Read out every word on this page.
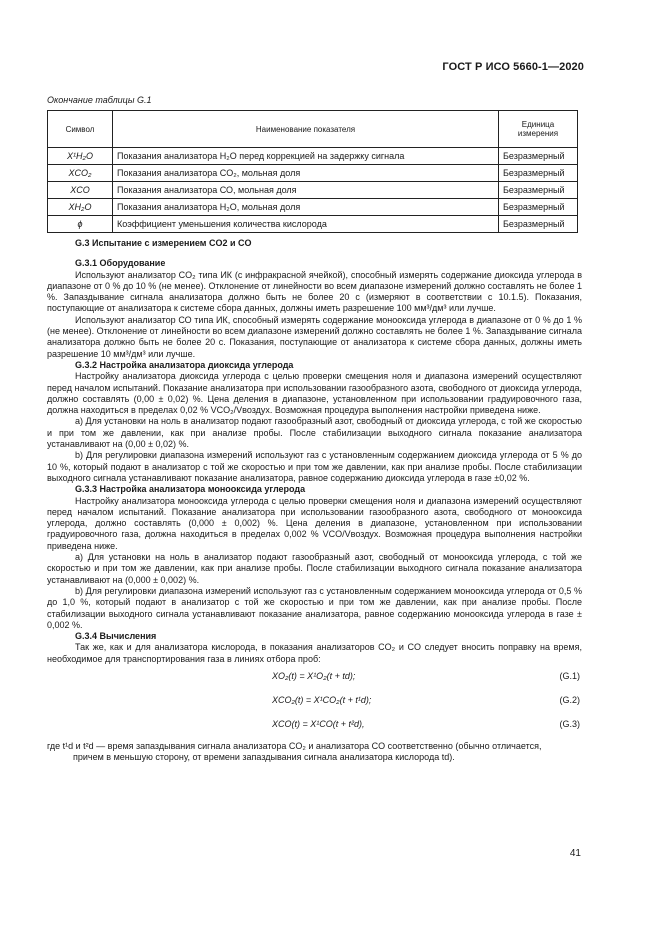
ГОСТ Р ИСО 5660-1—2020
Окончание таблицы G.1
Символ	Наименование показателя	Единица измерения
X¹H₂O	Показания анализатора H₂O перед коррекцией на задержку сигнала	Безразмерный
XCO₂	Показания анализатора CO₂, мольная доля	Безразмерный
XCO	Показания анализатора СО, мольная доля	Безразмерный
XH₂O	Показания анализатора H₂O, мольная доля	Безразмерный
ϕ	Коэффициент уменьшения количества кислорода	Безразмерный
G.3 Испытание с измерением CO2 и CO
G.3.1 Оборудование

Используют анализатор CO₂ типа ИК (с инфракрасной ячейкой), способный измерять содержание диоксида углерода в диапазоне от 0 % до 10 % (не менее). Отклонение от линейности во всем диапазоне измерений должно составлять не более 1 %. Запаздывание сигнала анализатора должно быть не более 20 с (измеряют в соответствии с 10.1.5). Показания, поступающие от анализатора к системе сбора данных, должны иметь разрешение 100 мм³/дм³ или лучше.

Используют анализатор СО типа ИК, способный измерять содержание монооксида углерода в диапазоне от 0 % до 1 % (не менее). Отклонение от линейности во всем диапазоне измерений должно составлять не более 1 %. Запаздывание сигнала анализатора должно быть не более 20 с. Показания, поступающие от анализатора к системе сбора данных, должны иметь разрешение 10 мм³/дм³ или лучше.

G.3.2 Настройка анализатора диоксида углерода

Настройку анализатора диоксида углерода с целью проверки смещения ноля и диапазона измерений осуществляют перед началом испытаний. Показание анализатора при использовании газообразного азота, свободного от диоксида углерода, должно составлять (0,00 ± 0,02) %. Цена деления в диапазоне, установленном при использовании градуировочного газа, должна находиться в пределах 0,02 % VCO₂/Vвоздух. Возможная процедура выполнения настройки приведена ниже.

а) Для установки на ноль в анализатор подают газообразный азот, свободный от диоксида углерода, с той же скоростью и при том же давлении, как при анализе пробы. После стабилизации выходного сигнала показание анализатора устанавливают на (0,00 ± 0,02) %.

b) Для регулировки диапазона измерений используют газ с установленным содержанием диоксида углерода от 5 % до 10 %, который подают в анализатор с той же скоростью и при том же давлении, как при анализе пробы. После стабилизации выходного сигнала устанавливают показание анализатора, равное содержанию диоксида углерода в газе ±0,02 %.

G.3.3 Настройка анализатора монооксида углерода

Настройку анализатора монооксида углерода с целью проверки смещения ноля и диапазона измерений осуществляют перед началом испытаний. Показание анализатора при использовании газообразного азота, свободного от монооксида углерода, должно составлять (0,000 ± 0,002) %. Цена деления в диапазоне, установленном при использовании градуировочного газа, должна находиться в пределах 0,002 % VCO/Vвоздух. Возможная процедура выполнения настройки приведена ниже.

а) Для установки на ноль в анализатор подают газообразный азот, свободный от монооксида углерода, с той же скоростью и при том же давлении, как при анализе пробы. После стабилизации выходного сигнала показание анализатора устанавливают на (0,000 ± 0,002) %.

b) Для регулировки диапазона измерений используют газ с установленным содержанием монооксида углерода от 0,5 % до 1,0 %, который подают в анализатор с той же скоростью и при том же давлении, как при анализе пробы. После стабилизации выходного сигнала устанавливают показание анализатора, равное содержанию монооксида углерода в газе ± 0,002 %.

G.3.4 Вычисления

Так же, как и для анализатора кислорода, в показания анализаторов CO₂ и CO следует вносить поправку на время, необходимое для транспортирования газа в линиях отбора проб:

XO₂(t) = X¹O₂(t + td);	(G.1)
XCO₂(t) = X¹CO₂(t + t¹d);	(G.2)
XCO(t) = X¹CO(t + t²d),	(G.3)

где t¹d и t²d — время запаздывания сигнала анализатора CO₂ и анализатора CO соответственно (обычно отличается,

причем в меньшую сторону, от времени запаздывания сигнала анализатора кислорода td).

41
